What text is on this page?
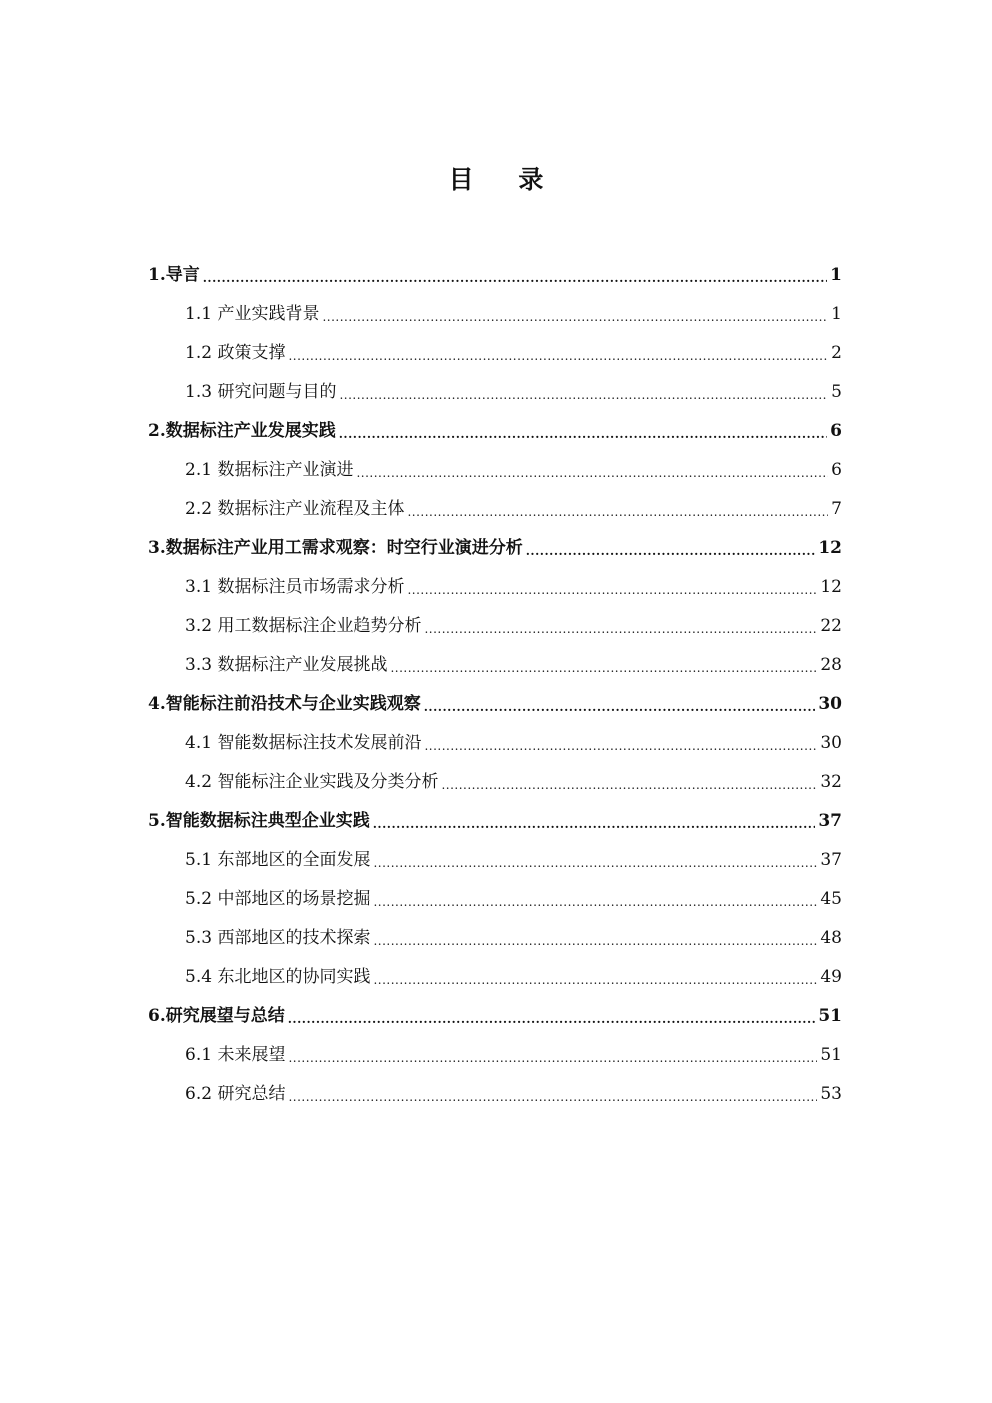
目 录
1.导言 .....	1
1.1 产业实践背景 .....	1
1.2 政策支撑 .....	2
1.3 研究问题与目的 .....	5
2.数据标注产业发展实践 .....	6
2.1 数据标注产业演进 .....	6
2.2 数据标注产业流程及主体 .....	7
3.数据标注产业用工需求观察：时空行业演进分析 .....	12
3.1 数据标注员市场需求分析 .....	12
3.2 用工数据标注企业趋势分析 .....	22
3.3 数据标注产业发展挑战 .....	28
4.智能标注前沿技术与企业实践观察 .....	30
4.1 智能数据标注技术发展前沿 .....	30
4.2 智能标注企业实践及分类分析 .....	32
5.智能数据标注典型企业实践 .....	37
5.1 东部地区的全面发展 .....	37
5.2 中部地区的场景挖掘 .....	45
5.3 西部地区的技术探索 .....	48
5.4 东北地区的协同实践 .....	49
6.研究展望与总结 .....	51
6.1 未来展望 .....	51
6.2 研究总结 .....	53
